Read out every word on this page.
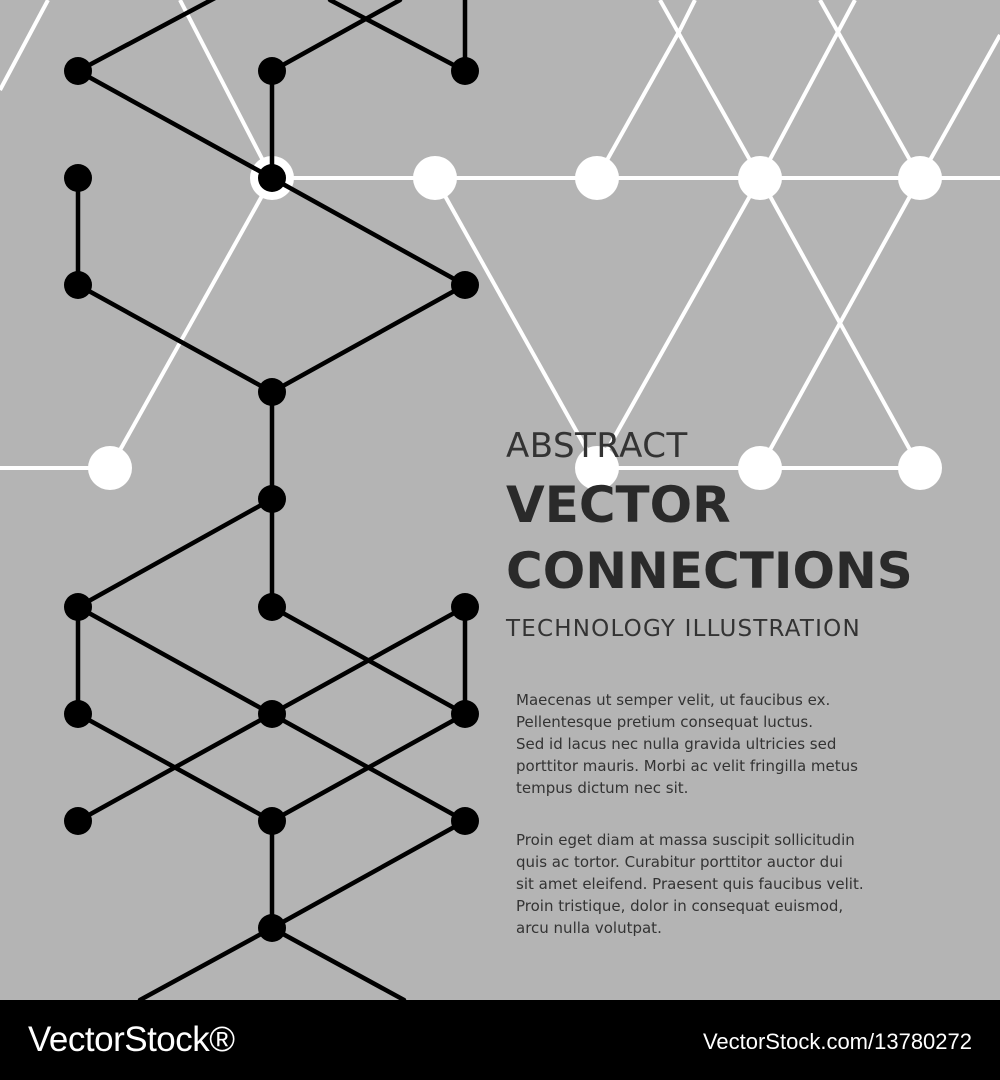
ABSTRACT
VECTOR
CONNECTIONS
TECHNOLOGY ILLUSTRATION
Maecenas ut semper velit, ut faucibus ex.
Pellentesque pretium consequat luctus.
Sed id lacus nec nulla gravida ultricies sed
porttitor mauris. Morbi ac velit fringilla metus
tempus dictum nec sit.
Proin eget diam at massa suscipit sollicitudin
quis ac tortor. Curabitur porttitor auctor dui
sit amet eleifend. Praesent quis faucibus velit.
Proin tristique, dolor in consequat euismod,
arcu nulla volutpat.
VectorStock®	VectorStock.com/13780272
